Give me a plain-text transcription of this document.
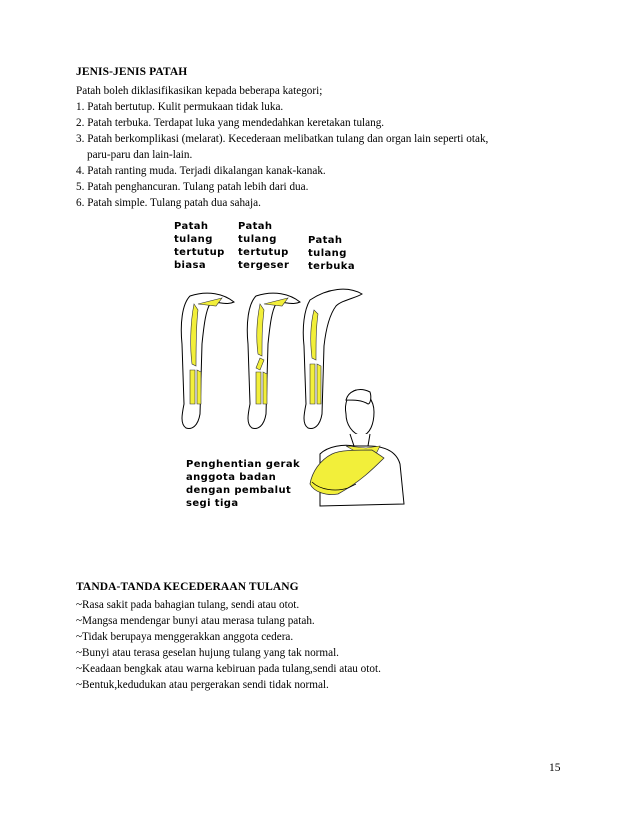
JENIS-JENIS PATAH
Patah boleh diklasifikasikan kepada beberapa kategori;
1. Patah bertutup. Kulit permukaan tidak luka.
2. Patah terbuka. Terdapat luka yang mendedahkan keretakan tulang.
3. Patah berkomplikasi (melarat). Kecederaan melibatkan tulang dan organ lain seperti otak,
paru-paru dan lain-lain.
4. Patah ranting muda. Terjadi dikalangan kanak-kanak.
5. Patah penghancuran. Tulang patah lebih dari dua.
6. Patah simple. Tulang patah dua sahaja.
Patah
tulang
tertutup
biasa
Patah
tulang
tertutup
tergeser
Patah
tulang
terbuka
Penghentian gerak
anggota badan
dengan pembalut
segi tiga
TANDA-TANDA KECEDERAAN TULANG
~Rasa sakit pada bahagian tulang, sendi atau otot.
~Mangsa mendengar bunyi atau merasa tulang patah.
~Tidak berupaya menggerakkan anggota cedera.
~Bunyi atau terasa geselan hujung tulang yang tak normal.
~Keadaan bengkak atau warna kebiruan pada tulang,sendi atau otot.
~Bentuk,kedudukan atau pergerakan sendi tidak normal.
15
